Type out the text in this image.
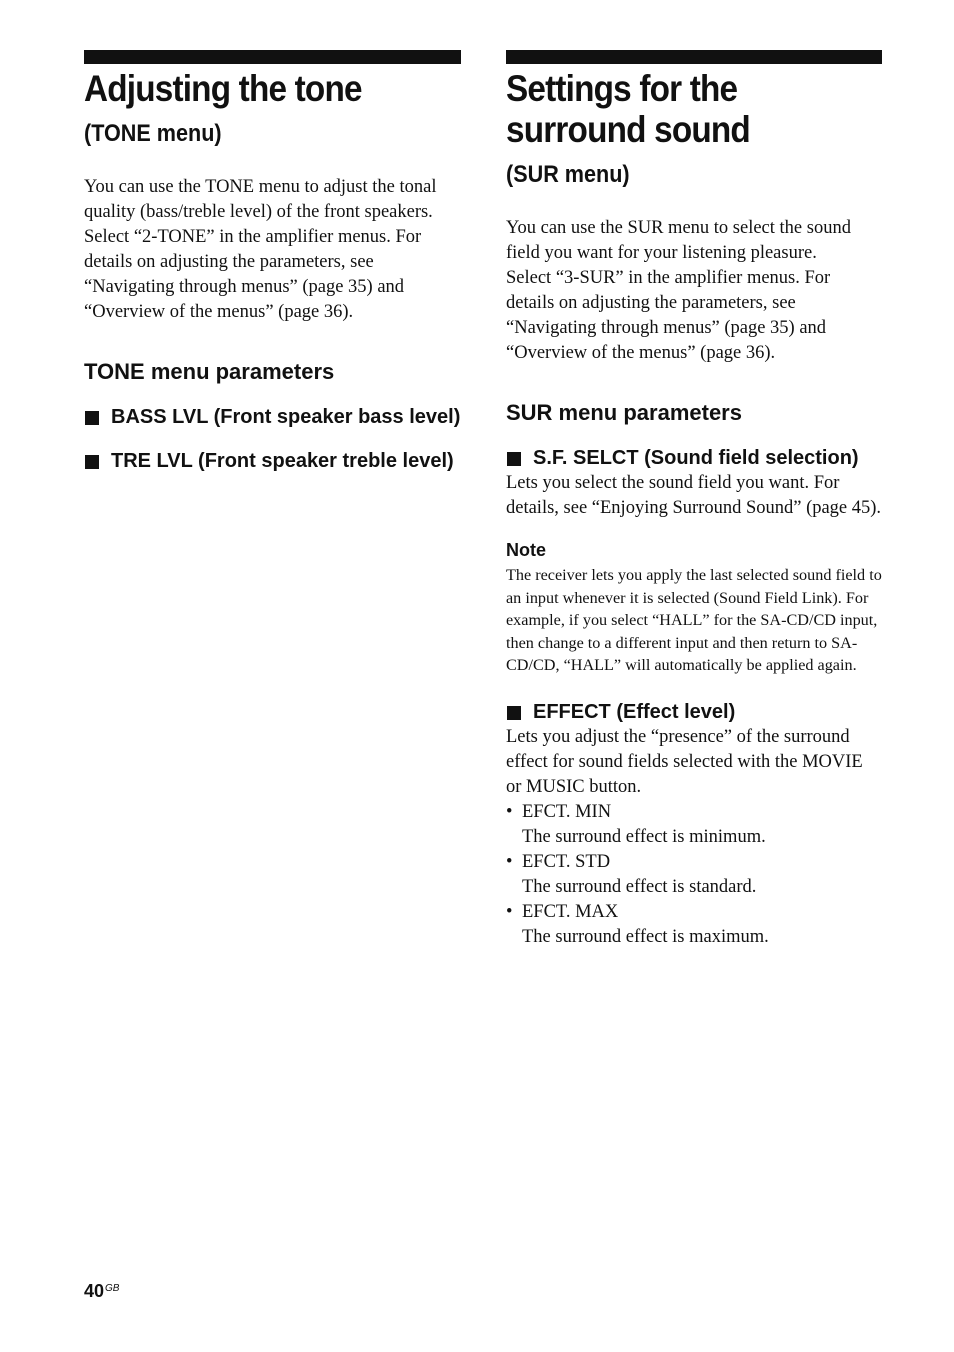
Adjusting the tone
(TONE menu)

You can use the TONE menu to adjust the tonal quality (bass/treble level) of the front speakers.

Select “2-TONE” in the amplifier menus. For details on adjusting the parameters, see “Navigating through menus” (page 35) and “Overview of the menus” (page 36).

TONE menu parameters
BASS LVL (Front speaker bass level)
TRE LVL (Front speaker treble level)
Settings for the surround sound
(SUR menu)

You can use the SUR menu to select the sound field you want for your listening pleasure.

Select “3-SUR” in the amplifier menus. For details on adjusting the parameters, see “Navigating through menus” (page 35) and “Overview of the menus” (page 36).

SUR menu parameters
S.F. SELCT (Sound field selection)

Lets you select the sound field you want. For details, see “Enjoying Surround Sound” (page 45).

Note
The receiver lets you apply the last selected sound field to an input whenever it is selected (Sound Field Link). For example, if you select “HALL” for the SA-CD/CD input, then change to a different input and then return to SA-CD/CD, “HALL” will automatically be applied again.
EFFECT (Effect level)

Lets you adjust the “presence” of the surround effect for sound fields selected with the MOVIE or MUSIC button.

• EFCT. MIN
The surround effect is minimum.
• EFCT. STD
The surround effect is standard.
• EFCT. MAX
The surround effect is maximum.
$40^{GB}$
